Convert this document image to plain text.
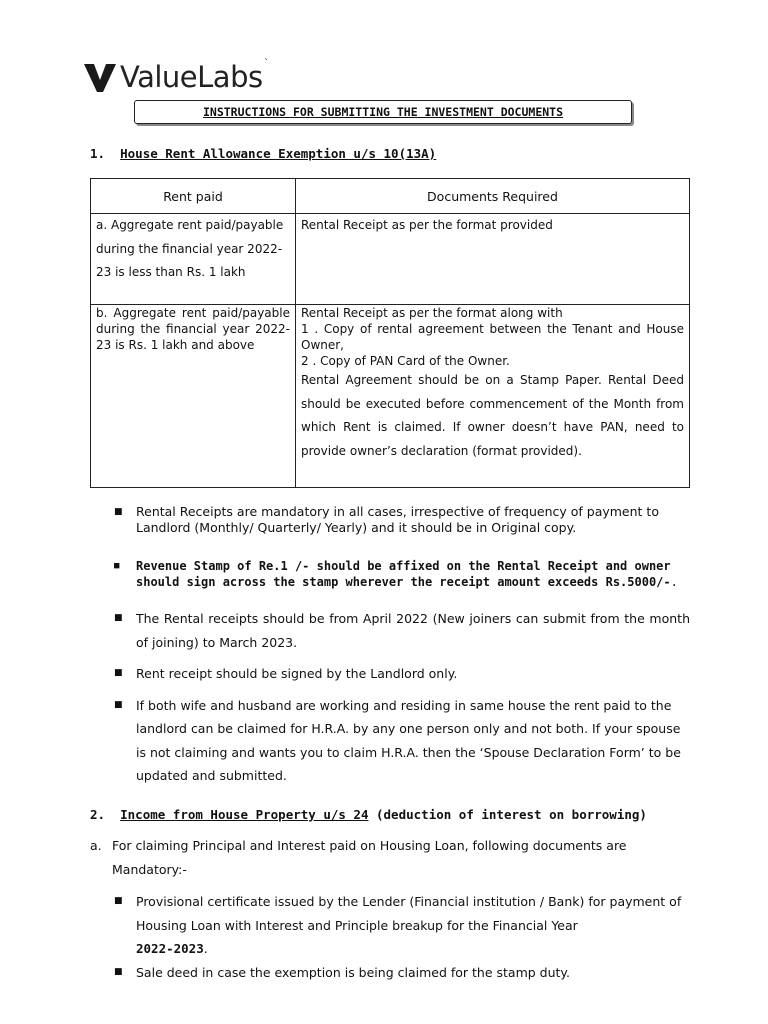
ValueLabs `
INSTRUCTIONS FOR SUBMITTING THE INVESTMENT DOCUMENTS
1. House Rent Allowance Exemption u/s 10(13A)
Rent paid	Documents Required
a. Aggregate rent paid/payable during the financial year 2022-23 is less than Rs. 1 lakh	Rental Receipt as per the format provided
b. Aggregate rent paid/payable during the financial year 2022-23 is Rs. 1 lakh and above	Rental Receipt as per the format along with
1 . Copy of rental agreement between the Tenant and House Owner,
2 . Copy of PAN Card of the Owner.
Rental Agreement should be on a Stamp Paper. Rental Deed should be executed before commencement of the Month from which Rent is claimed. If owner doesn’t have PAN, need to provide owner’s declaration (format provided).
■ Rental Receipts are mandatory in all cases, irrespective of frequency of payment to Landlord (Monthly/ Quarterly/ Yearly) and it should be in Original copy.
■ Revenue Stamp of Re.1 /- should be affixed on the Rental Receipt and owner should sign across the stamp wherever the receipt amount exceeds Rs.5000/-.
■ The Rental receipts should be from April 2022 (New joiners can submit from the month of joining) to March 2023.
■ Rent receipt should be signed by the Landlord only.
■ If both wife and husband are working and residing in same house the rent paid to the landlord can be claimed for H.R.A. by any one person only and not both. If your spouse is not claiming and wants you to claim H.R.A. then the ‘Spouse Declaration Form’ to be updated and submitted.
2. Income from House Property u/s 24 (deduction of interest on borrowing)
a. For claiming Principal and Interest paid on Housing Loan, following documents are Mandatory:-
■ Provisional certificate issued by the Lender (Financial institution / Bank) for payment of Housing Loan with Interest and Principle breakup for the Financial Year
2022-2023.
■ Sale deed in case the exemption is being claimed for the stamp duty.
